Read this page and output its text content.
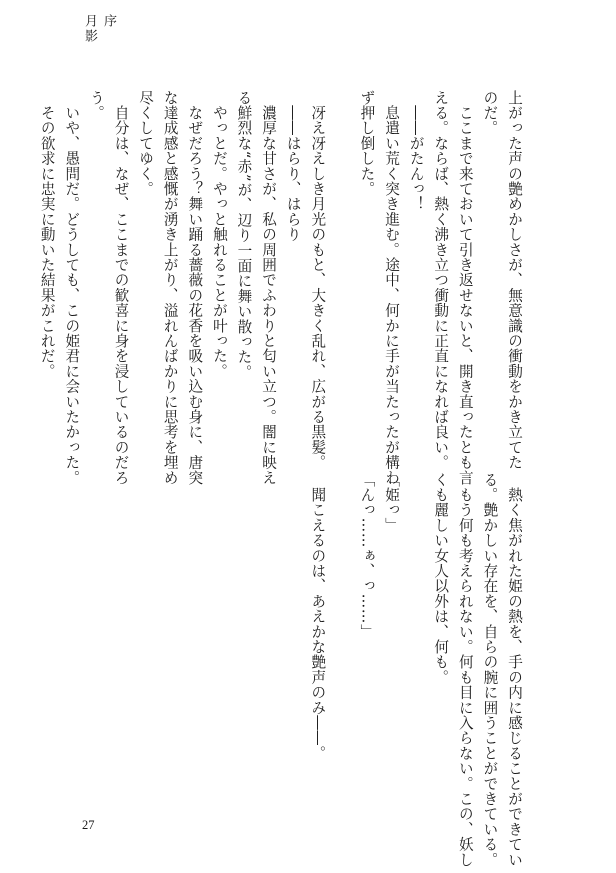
序
月影

上がった声の艶めかしさが、無意識の衝動をかき立てた

のだ。

　ここまで来ておいて引き返せないと、開き直ったとも言

える。ならば、熱く沸き立つ衝動に正直になれば良い。

　――がたんっ！

　息遣い荒く突き進む。途中、何かに手が当たったが構わ

ず押し倒した。

　冴え冴えしき月光のもと、大きく乱れ、広がる黒髪。

　――はらり、はらり

　濃厚な甘さが、私の周囲でふわりと匂い立つ。闇に映え

る鮮烈な“赤”が、辺り一面に舞い散った。

　やっとだ。やっと触れることが叶った。

　なぜだろう？舞い踊る薔薇の花香を吸い込む身に、唐突

な達成感と感慨が湧き上がり、溢れんばかりに思考を埋め

尽くしてゆく。

　自分は、なぜ、ここまでの歓喜に身を浸しているのだろ

う。

　いや、愚問だ。どうしても、この姫君に会いたかった。

　その欲求に忠実に動いた結果がこれだ。

　熱く焦がれた姫の熱を、手の内に感じることができてい

る。艶かしい存在を、自らの腕に囲うことができている。

　もう何も考えられない。何も目に入らない。この、妖し

くも麗しい女人以外は、何も。

「姫っ」

「んっ……ぁ、っ……」

　聞こえるのは、あえかな艶声のみ――。

27
